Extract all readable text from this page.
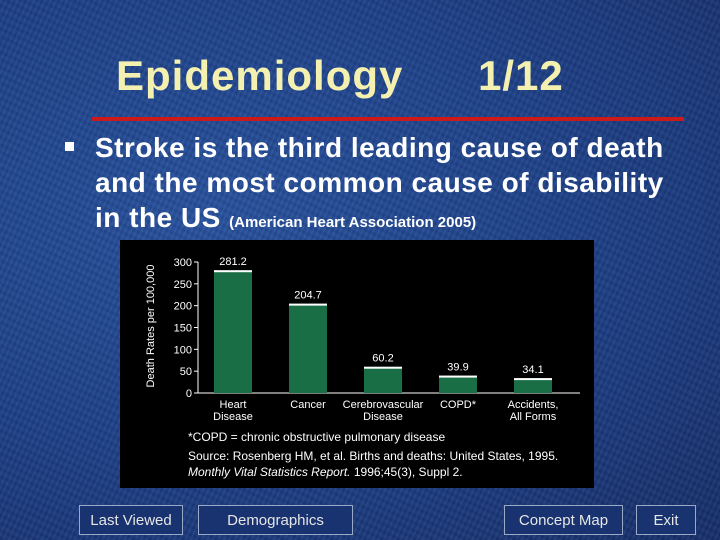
Epidemiology 1/12
Stroke is the third leading cause of death and the most common cause of disability in the US (American Heart Association 2005)
Death Rates per 100,000
300
250
200
150
100
50
0
281.2
Heart
Disease
204.7
Cancer
60.2
Cerebrovascular
Disease
39.9
COPD*
34.1
Accidents,
All Forms
*COPD = chronic obstructive pulmonary disease
Source: Rosenberg HM, et al. Births and deaths: United States, 1995.
Monthly Vital Statistics Report. 1996;45(3), Suppl 2.
Last Viewed	Demographics	Concept Map	Exit
